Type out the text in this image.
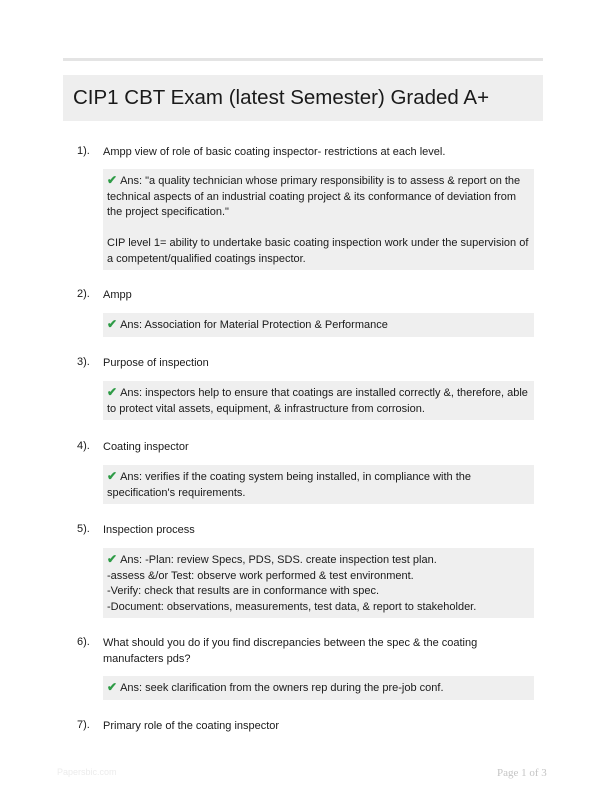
CIP1 CBT Exam (latest Semester) Graded A+
1). Ampp view of role of basic coating inspector- restrictions at each level.

✔ Ans: "a quality technician whose primary responsibility is to assess & report on the technical aspects of an industrial coating project & its conformance of deviation from the project specification."

CIP level 1= ability to undertake basic coating inspection work under the supervision of a competent/qualified coatings inspector.

2). Ampp

✔ Ans: Association for Material Protection & Performance

3). Purpose of inspection

✔ Ans: inspectors help to ensure that coatings are installed correctly &, therefore, able to protect vital assets, equipment, & infrastructure from corrosion.

4). Coating inspector

✔ Ans: verifies if the coating system being installed, in compliance with the specification's requirements.

5). Inspection process

✔ Ans: -Plan: review Specs, PDS, SDS. create inspection test plan.

-assess &/or Test: observe work performed & test environment.

-Verify: check that results are in conformance with spec.

-Document: observations, measurements, test data, & report to stakeholder.

6). What should you do if you find discrepancies between the spec & the coating manufacters pds?

✔ Ans: seek clarification from the owners rep during the pre-job conf.

7). Primary role of the coating inspector
Papersbic.com	Page 1 of 3
